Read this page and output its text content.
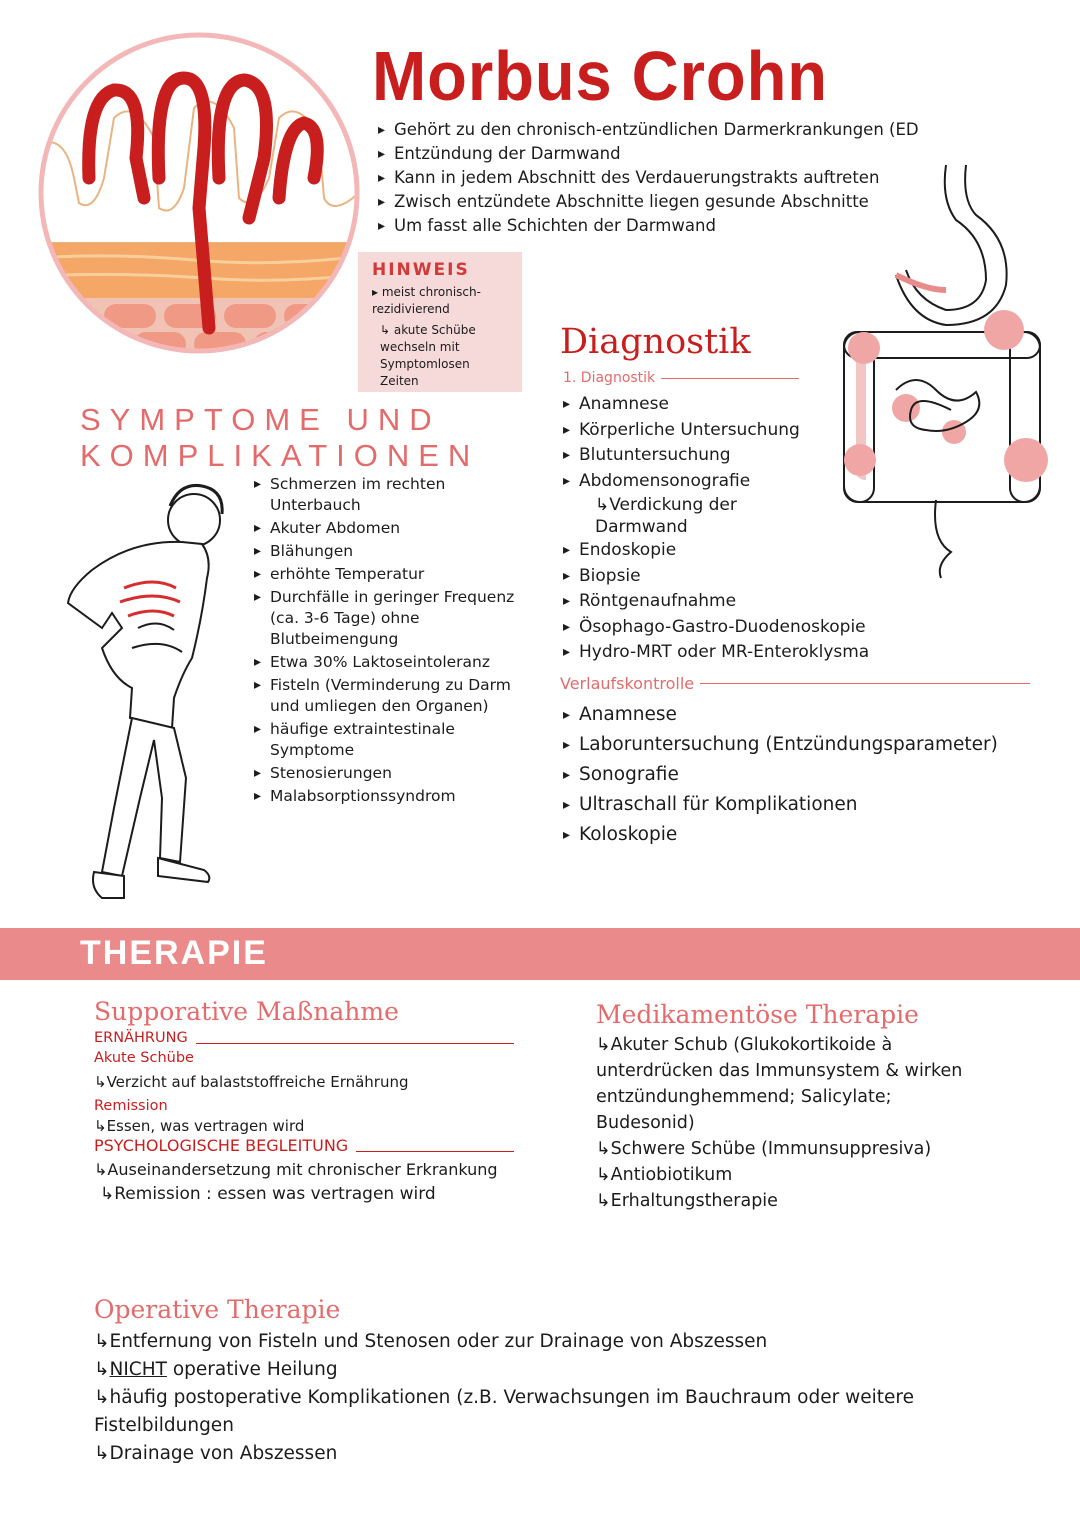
Morbus Crohn
▸ Gehört zu den chronisch-entzündlichen Darmerkrankungen (ED
▸ Entzündung der Darmwand
▸ Kann in jedem Abschnitt des Verdauerungstrakts auftreten
▸ Zwisch entzündete Abschnitte liegen gesunde Abschnitte
▸ Um fasst alle Schichten der Darmwand
HINWEIS
▸ meist chronisch-rezidivierend
↳ akute Schübe wechseln mit Symptomlosen Zeiten
SYMPTOME UND KOMPLIKATIONEN
▸ Schmerzen im rechten Unterbauch
▸ Akuter Abdomen
▸ Blähungen
▸ erhöhte Temperatur
▸ Durchfälle in geringer Frequenz (ca. 3-6 Tage) ohne Blutbeimengung
▸ Etwa 30% Laktoseintoleranz
▸ Fisteln (Verminderung zu Darm und umliegen den Organen)
▸ häufige extraintestinale Symptome
▸ Stenosierungen
▸ Malabsorptionssyndrom
Diagnostik
1. Diagnostik
▸ Anamnese
▸ Körperliche Untersuchung
▸ Blutuntersuchung
▸ Abdomensonografie
↳ Verdickung der Darmwand
▸ Endoskopie
▸ Biopsie
▸ Röntgenaufnahme
▸ Ösophago-Gastro-Duodenoskopie
▸ Hydro-MRT oder MR-Enteroklysma
Verlaufskontrolle
▸ Anamnese
▸ Laboruntersuchung (Entzündungsparameter)
▸ Sonografie
▸ Ultraschall für Komplikationen
▸ Koloskopie
THERAPIE
Supporative Maßnahme
ERNÄHRUNG
Akute Schübe
↳ Verzicht auf balaststoffreiche Ernährung
Remission
↳ Essen, was vertragen wird
PSYCHOLOGISCHE BEGLEITUNG
↳ Auseinandersetzung mit chronischer Erkrankung
↳ Remission : essen was vertragen wird
Medikamentöse Therapie
↳ Akuter Schub (Glukokortikoide à unterdrücken das Immunsystem & wirken entzündunghemmend; Salicylate; Budesonid)
↳ Schwere Schübe (Immunsuppresiva)
↳ Antiobiotikum
↳ Erhaltungstherapie
Operative Therapie
↳ Entfernung von Fisteln und Stenosen oder zur Drainage von Abszessen
↳ NICHT operative Heilung
↳ häufig postoperative Komplikationen (z.B. Verwachsungen im Bauchraum oder weitere Fistelbildungen
↳ Drainage von Abszessen
